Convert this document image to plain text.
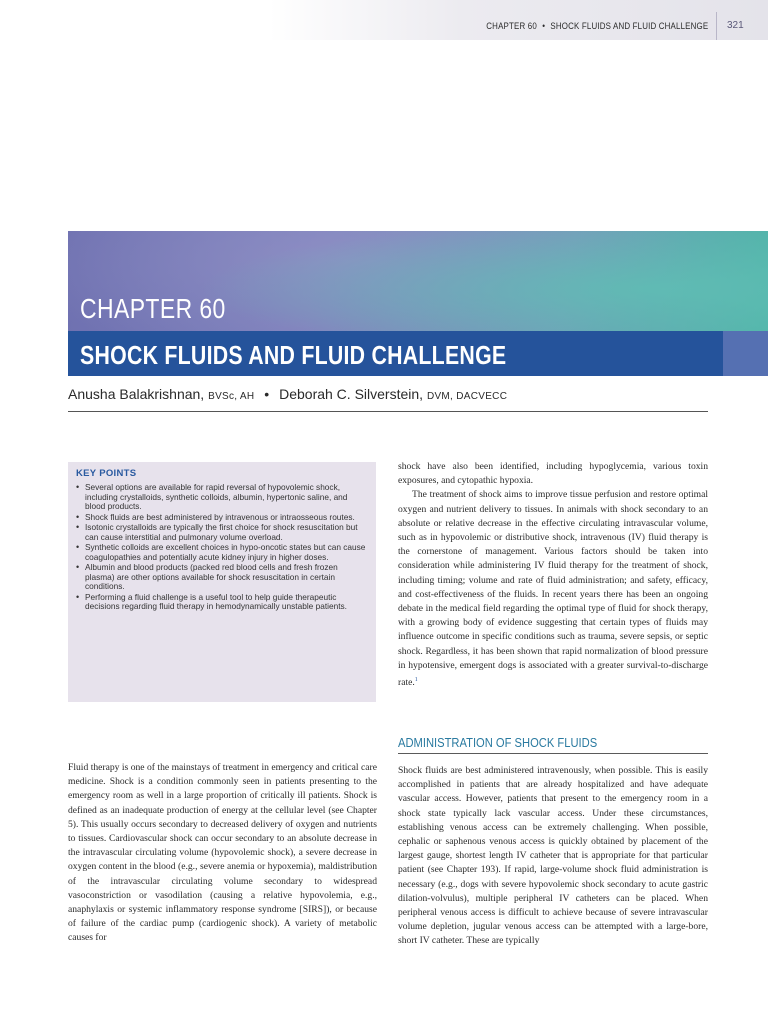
CHAPTER 60 • SHOCK FLUIDS AND FLUID CHALLENGE	321
CHAPTER 60
SHOCK FLUIDS AND FLUID CHALLENGE
Anusha Balakrishnan, BVSc, AH • Deborah C. Silverstein, DVM, DACVECC
KEY POINTS
• Several options are available for rapid reversal of hypovolemic shock, including crystalloids, synthetic colloids, albumin, hypertonic saline, and blood products.
• Shock fluids are best administered by intravenous or intraosseous routes.
• Isotonic crystalloids are typically the first choice for shock resuscitation but can cause interstitial and pulmonary volume overload.
• Synthetic colloids are excellent choices in hypo-oncotic states but can cause coagulopathies and potentially acute kidney injury in higher doses.
• Albumin and blood products (packed red blood cells and fresh frozen plasma) are other options available for shock resuscitation in certain conditions.
• Performing a fluid challenge is a useful tool to help guide therapeutic decisions regarding fluid therapy in hemodynamically unstable patients.

Fluid therapy is one of the mainstays of treatment in emergency and critical care medicine. Shock is a condition commonly seen in patients presenting to the emergency room as well in a large proportion of critically ill patients. Shock is defined as an inadequate production of energy at the cellular level (see Chapter 5). This usually occurs secondary to decreased delivery of oxygen and nutrients to tissues. Cardiovascular shock can occur secondary to an absolute decrease in the intravascular circulating volume (hypovolemic shock), a severe decrease in oxygen content in the blood (e.g., severe anemia or hypoxemia), maldistribution of the intravascular circulating volume secondary to widespread vasoconstriction or vasodilation (causing a relative hypovolemia, e.g., anaphylaxis or systemic inflammatory response syndrome [SIRS]), or because of failure of the cardiac pump (cardiogenic shock). A variety of metabolic causes for

shock have also been identified, including hypoglycemia, various toxin exposures, and cytopathic hypoxia.

The treatment of shock aims to improve tissue perfusion and restore optimal oxygen and nutrient delivery to tissues. In animals with shock secondary to an absolute or relative decrease in the effective circulating intravascular volume, such as in hypovolemic or distributive shock, intravenous (IV) fluid therapy is the cornerstone of management. Various factors should be taken into consideration while administering IV fluid therapy for the treatment of shock, including timing; volume and rate of fluid administration; and safety, efficacy, and cost-effectiveness of the fluids. In recent years there has been an ongoing debate in the medical field regarding the optimal type of fluid for shock therapy, with a growing body of evidence suggesting that certain types of fluids may influence outcome in specific conditions such as trauma, severe sepsis, or septic shock. Regardless, it has been shown that rapid normalization of blood pressure in hypotensive, emergent dogs is associated with a greater survival-to-discharge rate.$^1$

ADMINISTRATION OF SHOCK FLUIDS

Shock fluids are best administered intravenously, when possible. This is easily accomplished in patients that are already hospitalized and have adequate vascular access. However, patients that present to the emergency room in a shock state typically lack vascular access. Under these circumstances, establishing venous access can be extremely challenging. When possible, cephalic or saphenous venous access is quickly obtained by placement of the largest gauge, shortest length IV catheter that is appropriate for that particular patient (see Chapter 193). If rapid, large-volume shock fluid administration is necessary (e.g., dogs with severe hypovolemic shock secondary to acute gastric dilation-volvulus), multiple peripheral IV catheters can be placed. When peripheral venous access is difficult to achieve because of severe intravascular volume depletion, jugular venous access can be attempted with a large-bore, short IV catheter. These are typically
